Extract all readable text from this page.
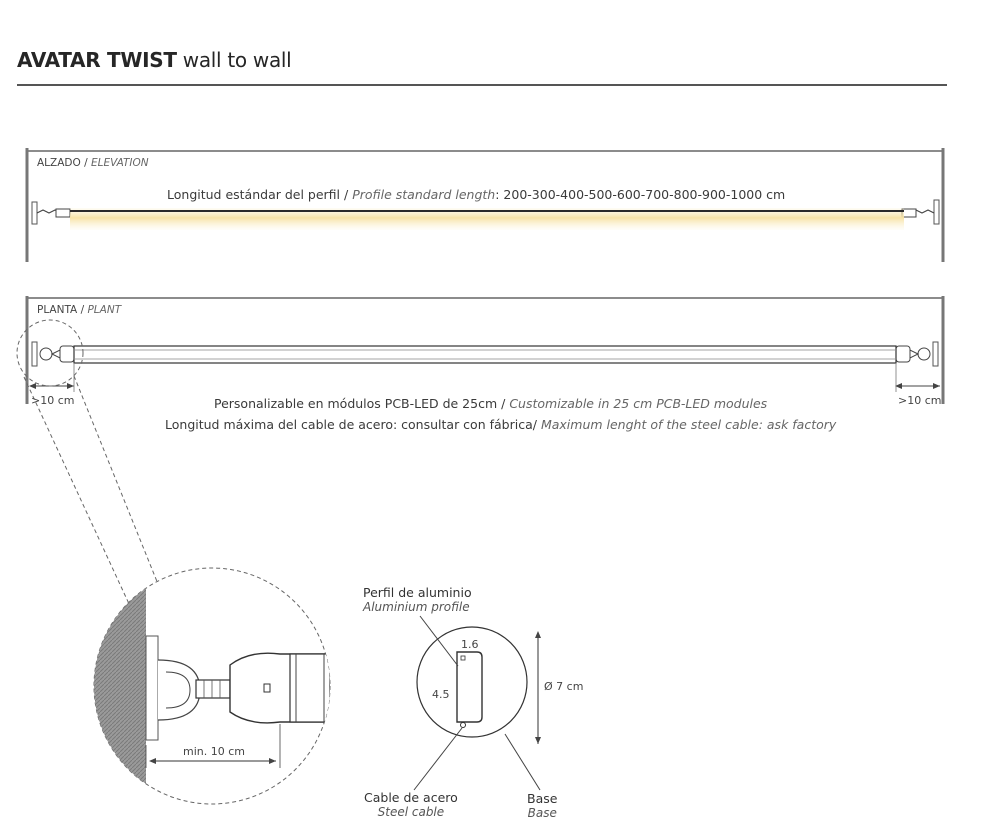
AVATAR TWIST wall to wall
ALZADO / ELEVATION
Longitud estándar del perfil / Profile standard length: 200-300-400-500-600-700-800-900-1000 cm
PLANTA / PLANT
>10 cm	>10 cm
Personalizable en módulos PCB-LED de 25cm / Customizable in 25 cm PCB-LED modules
Longitud máxima del cable de acero: consultar con fábrica/ Maximum lenght of the steel cable: ask factory
min. 10 cm
Perfil de aluminio
Aluminium profile
1.6
4.5
Ø 7 cm
Cable de acero
Steel cable
Base
Base
